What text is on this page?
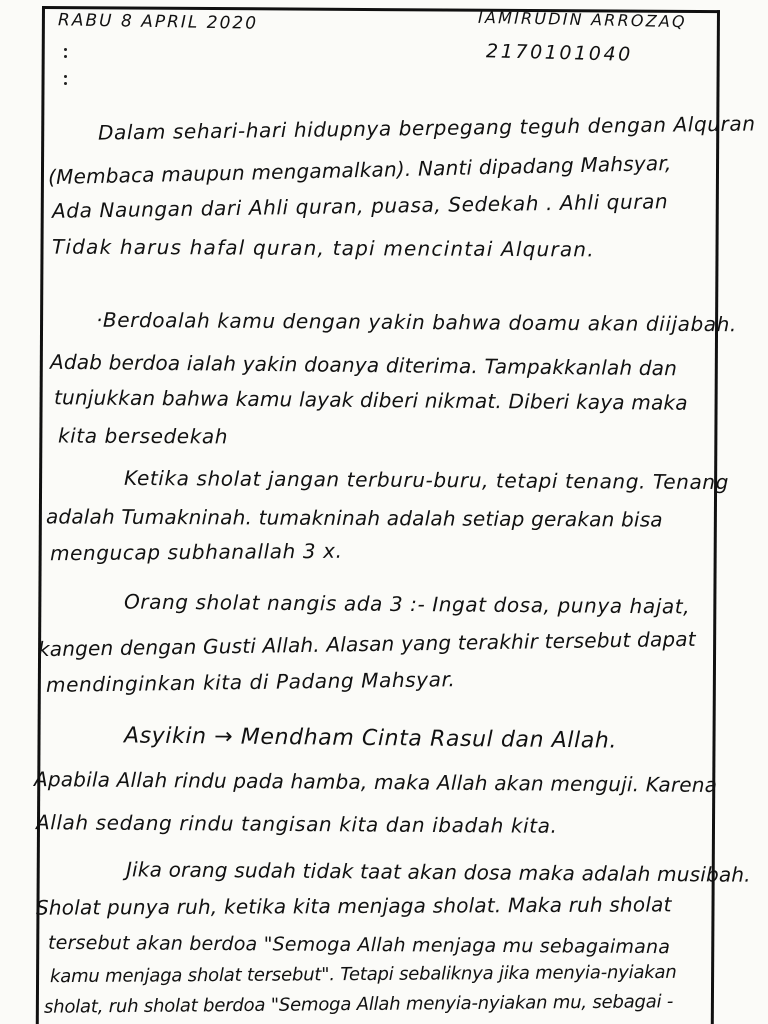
RABU 8 APRIL 2020	IAMIRUDIN ARROZAQ
2170101040
Dalam sehari-hari hidupnya berpegang teguh dengan Alquran
(Membaca maupun mengamalkan). Nanti dipadang Mahsyar,
Ada Naungan dari Ahli quran, puasa, Sedekah . Ahli quran
Tidak harus hafal quran, tapi mencintai Alquran.
·Berdoalah kamu dengan yakin bahwa doamu akan diijabah.
Adab berdoa ialah yakin doanya diterima. Tampakkanlah dan
tunjukkan bahwa kamu layak diberi nikmat. Diberi kaya maka
kita bersedekah
Ketika sholat jangan terburu-buru, tetapi tenang. Tenang
adalah Tumakninah. tumakninah adalah setiap gerakan bisa
mengucap subhanallah 3 x.
Orang sholat nangis ada 3 :- Ingat dosa, punya hajat,
kangen dengan Gusti Allah. Alasan yang terakhir tersebut dapat
mendinginkan kita di Padang Mahsyar.
Asyikin → Mendham Cinta Rasul dan Allah.
Apabila Allah rindu pada hamba, maka Allah akan menguji. Karena
Allah sedang rindu tangisan kita dan ibadah kita.
Jika orang sudah tidak taat akan dosa maka adalah musibah.
Sholat punya ruh, ketika kita menjaga sholat. Maka ruh sholat
tersebut akan berdoa "Semoga Allah menjaga mu sebagaimana
kamu menjaga sholat tersebut". Tetapi sebaliknya jika menyia-nyiakan
sholat, ruh sholat berdoa "Semoga Allah menyia-nyiakan mu, sebagai -
